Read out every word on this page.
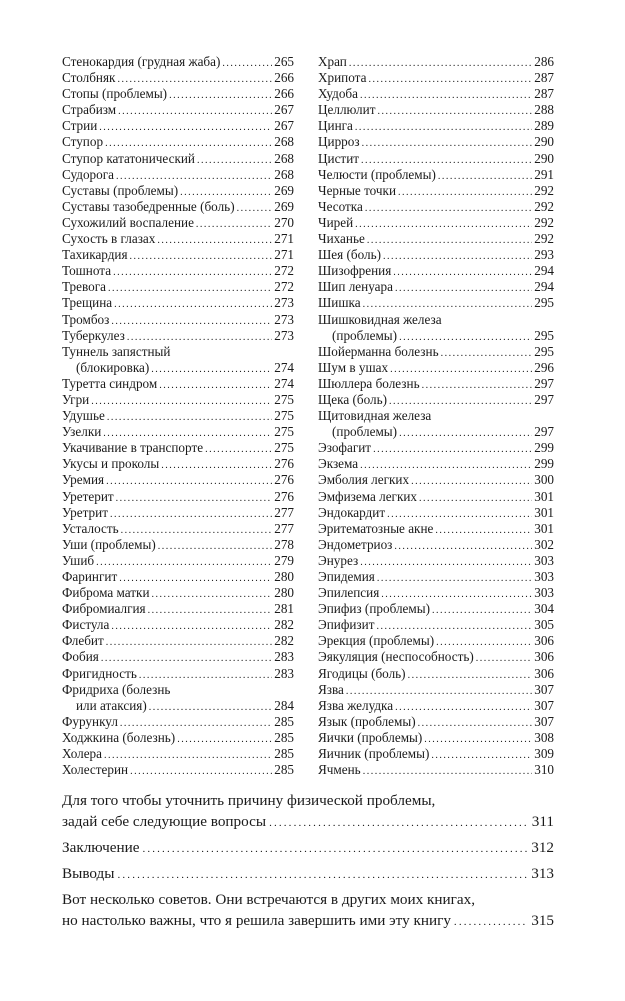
Стенокардия (грудная жаба) . . .	265
Столбняк . . .	266
Стопы (проблемы) . . .	266
Страбизм . . .	267
Стрии . . .	267
Ступор . . .	268
Ступор кататонический . . .	268
Судорога . . .	268
Суставы (проблемы) . . .	269
Суставы тазобедренные (боль) . . .	269
Сухожилий воспаление . . .	270
Сухость в глазах . . .	271
Тахикардия . . .	271
Тошнота . . .	272
Тревога . . .	272
Трещина . . .	273
Тромбоз . . .	273
Туберкулез . . .	273
Туннель запястный
(блокировка) . . .	274
Туретта синдром . . .	274
Угри . . .	275
Удушье . . .	275
Узелки . . .	275
Укачивание в транспорте . . .	275
Укусы и проколы . . .	276
Уремия . . .	276
Уретерит . . .	276
Уретрит . . .	277
Усталость . . .	277
Уши (проблемы) . . .	278
Ушиб . . .	279
Фарингит . . .	280
Фиброма матки . . .	280
Фибромиалгия . . .	281
Фистула . . .	282
Флебит . . .	282
Фобия . . .	283
Фригидность . . .	283
Фридриха (болезнь
или атаксия) . . .	284
Фурункул . . .	285
Ходжкина (болезнь) . . .	285
Холера . . .	285
Холестерин . . .	285
Храп . . .	286
Хрипота . . .	287
Худоба . . .	287
Целлюлит . . .	288
Цинга . . .	289
Цирроз . . .	290
Цистит . . .	290
Челюсти (проблемы) . . .	291
Черные точки . . .	292
Чесотка . . .	292
Чирей . . .	292
Чиханье . . .	292
Шея (боль) . . .	293
Шизофрения . . .	294
Шип ленуара . . .	294
Шишка . . .	295
Шишковидная железа
(проблемы) . . .	295
Шойерманна болезнь . . .	295
Шум в ушах . . .	296
Шюллера болезнь . . .	297
Щека (боль) . . .	297
Щитовидная железа
(проблемы) . . .	297
Эзофагит . . .	299
Экзема . . .	299
Эмболия легких . . .	300
Эмфизема легких . . .	301
Эндокардит . . .	301
Эритематозные акне . . .	301
Эндометриоз . . .	302
Энурез . . .	303
Эпидемия . . .	303
Эпилепсия . . .	303
Эпифиз (проблемы) . . .	304
Эпифизит . . .	305
Эрекция (проблемы) . . .	306
Эякуляция (неспособность) . . .	306
Ягодицы (боль) . . .	306
Язва . . .	307
Язва желудка . . .	307
Язык (проблемы) . . .	307
Яички (проблемы) . . .	308
Яичник (проблемы) . . .	309
Ячмень . . .	310
Для того чтобы уточнить причину физической проблемы,
задай себе следующие вопросы . . .	311
Заключение . . .	312
Выводы . . .	313
Вот несколько советов. Они встречаются в других моих книгах,
но настолько важны, что я решила завершить ими эту книгу . . .	315
